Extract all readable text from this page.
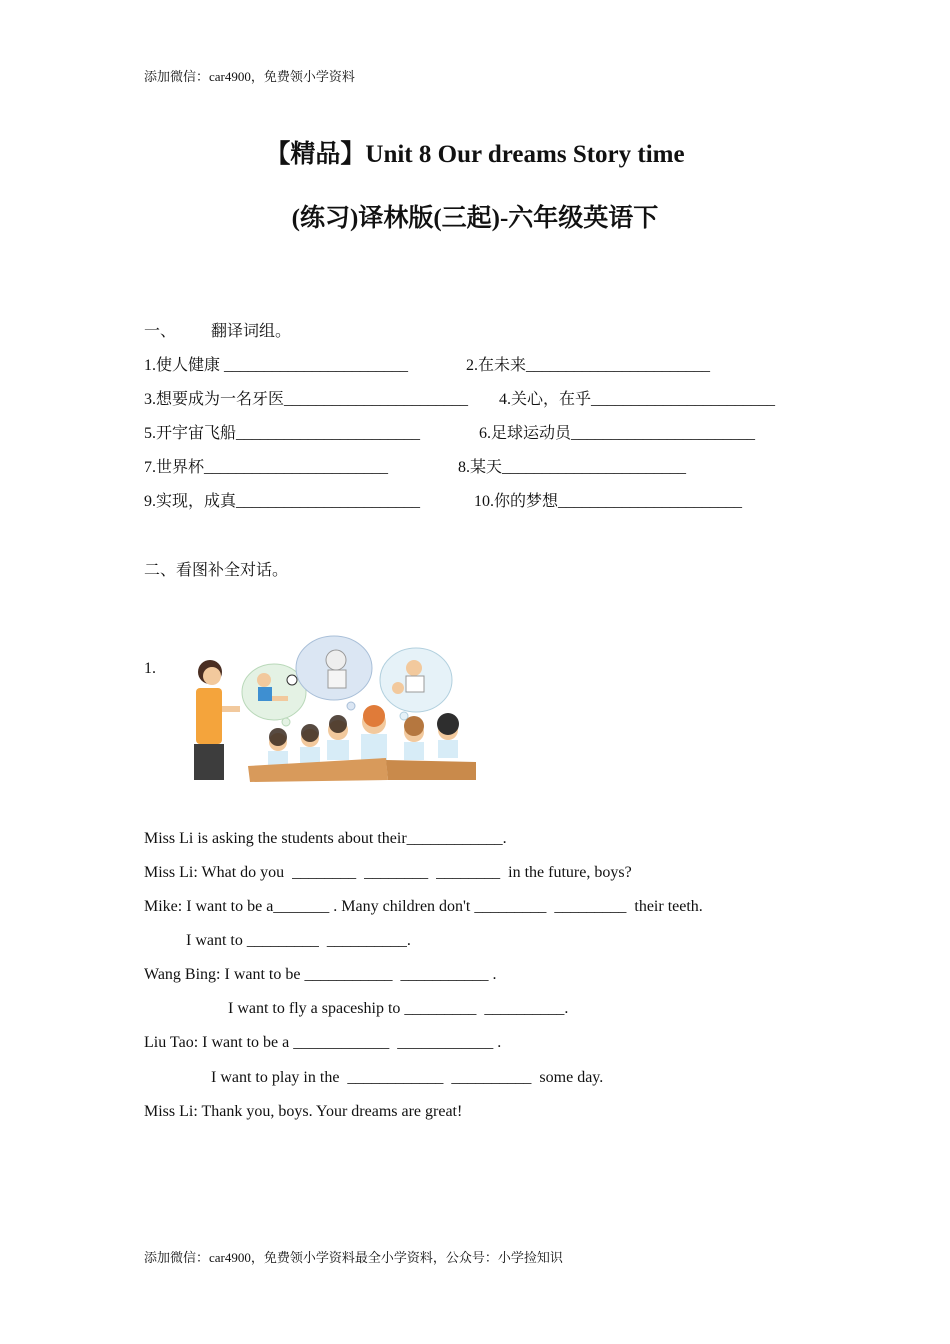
添加微信：car4900，免费领小学资料
【精品】Unit 8 Our dreams Story time
(练习)译林版(三起)-六年级英语下
一、 翻译词组。
1.使人健康 _______________________	2.在未来_______________________
3.想要成为一名牙医_______________________ 4.关心，在乎_______________________
5.开宇宙飞船_______________________	6.足球运动员_______________________
7.世界杯_______________________	8.某天_______________________
9.实现，成真_______________________	10.你的梦想_______________________
二、看图补全对话。
1.
Miss Li is asking the students about their____________.
Miss Li: What do you  ________  ________  ________  in the future, boys?
Mike: I want to be a_______ . Many children don't _________  _________  their teeth.
I want to _________  __________.
Wang Bing: I want to be ___________  ___________ .
I want to fly a spaceship to _________  __________.
Liu Tao: I want to be a ____________  ____________ .
I want to play in the  ____________  __________  some day.
Miss Li: Thank you, boys. Your dreams are great!
添加微信：car4900，免费领小学资料最全小学资料，公众号：小学捡知识
